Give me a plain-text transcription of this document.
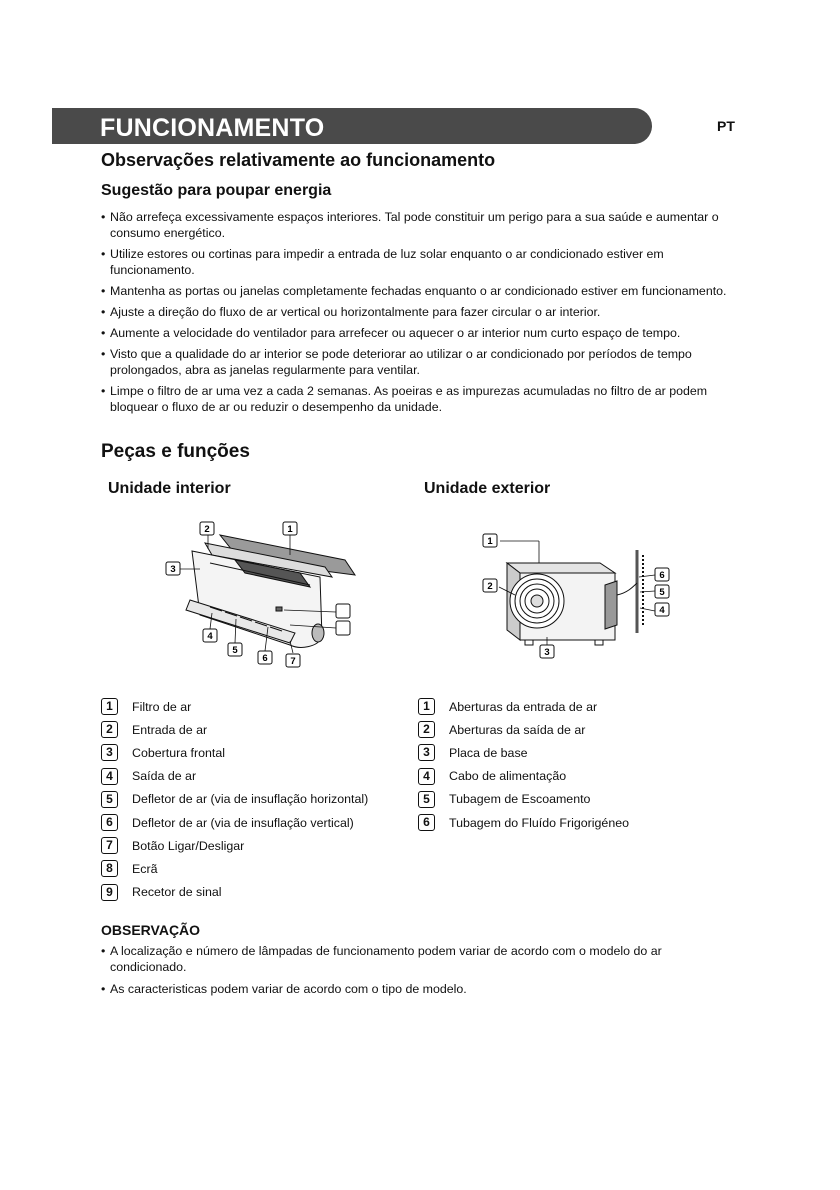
FUNCIONAMENTO	PT
Observações relativamente ao funcionamento
Sugestão para poupar energia
• Não arrefeça excessivamente espaços interiores. Tal pode constituir um perigo para a sua saúde e aumentar o consumo energético.
• Utilize estores ou cortinas para impedir a entrada de luz solar enquanto o ar condicionado estiver em funcionamento.
• Mantenha as portas ou janelas completamente fechadas enquanto o ar condicionado estiver em funcionamento.
• Ajuste a direção do fluxo de ar vertical ou horizontalmente para fazer circular o ar interior.
• Aumente a velocidade do ventilador para arrefecer ou aquecer o ar interior num curto espaço de tempo.
• Visto que a qualidade do ar interior se pode deteriorar ao utilizar o ar condicionado por períodos de tempo prolongados, abra as janelas regularmente para ventilar.
• Limpe o filtro de ar uma vez a cada 2 semanas. As poeiras e as impurezas acumuladas no filtro de ar podem bloquear o fluxo de ar ou reduzir o desempenho da unidade.
Peças e funções
Unidade interior	Unidade exterior
2	1
3
4
5
6 7
1
2
3
6
5
4
1	Filtro de ar
2	Entrada de ar
3	Cobertura frontal
4	Saída de ar
5	Defletor de ar (via de insuflação horizontal)
6	Defletor de ar (via de insuflação vertical)
7	Botão Ligar/Desligar
8	Ecrã
9	Recetor de sinal
1	Aberturas da entrada de ar
2	Aberturas da saída de ar
3	Placa de base
4	Cabo de alimentação
5	Tubagem de Escoamento
6	Tubagem do Fluído Frigorigéneo
OBSERVAÇÃO
• A localização e número de lâmpadas de funcionamento podem variar de acordo com o modelo do ar condicionado.
• As caracteristicas podem variar de acordo com o tipo de modelo.
